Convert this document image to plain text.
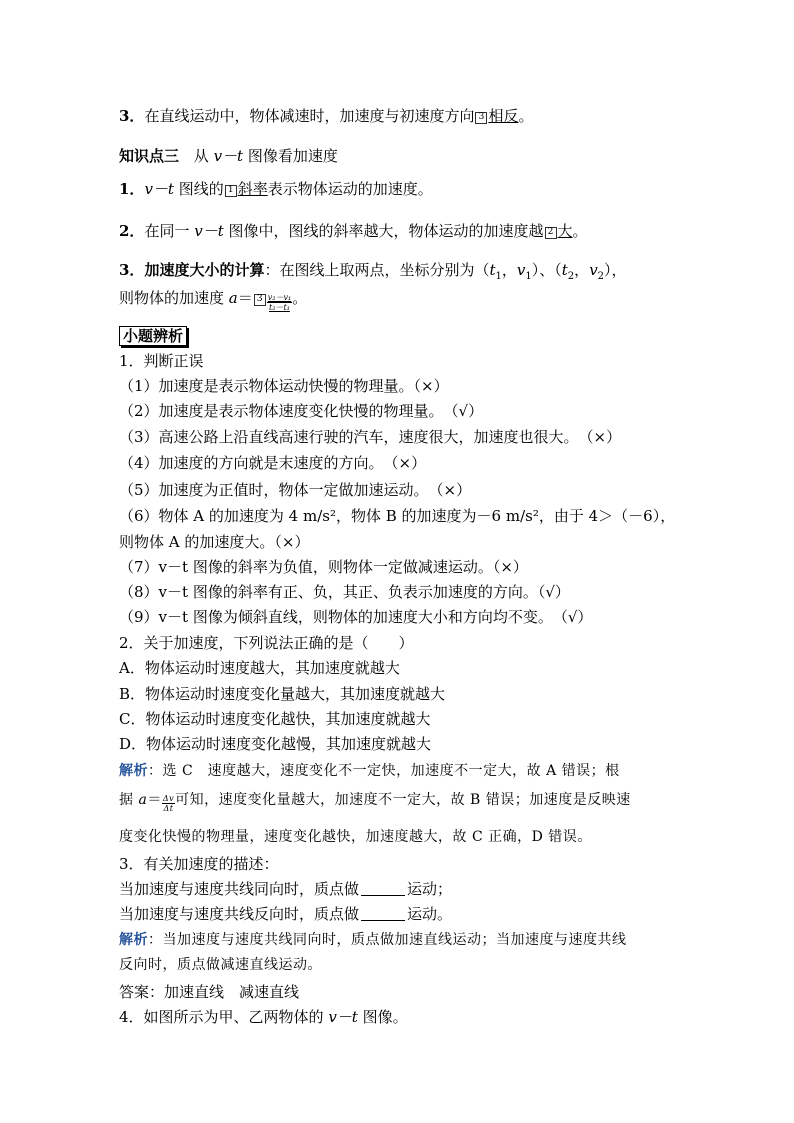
3．在直线运动中，物体减速时，加速度与初速度方向 3 相反。
知识点三 从 v－t 图像看加速度
1．v－t 图线的 1 斜率表示物体运动的加速度。
2．在同一 v－t 图像中，图线的斜率越大，物体运动的加速度越 2 大。
3．加速度大小的计算：在图线上取两点，坐标分别为（$t_1$，$v_1$）、（$t_2$，$v_2$），
则物体的加速度 $a= 3 \frac{\text{v₂－v₁}}{\text{t₂－t₁}}$ 。
小题辨析
1．判断正误
（1）加速度是表示物体运动快慢的物理量。（×）
（2）加速度是表示物体速度变化快慢的物理量。　（√）
（3）高速公路上沿直线高速行驶的汽车，速度很大，加速度也很大。　（×）
（4）加速度的方向就是末速度的方向。　（×）
（5）加速度为正值时，物体一定做加速运动。　（×）
（6）物体 A 的加速度为 4 m/s²，物体 B 的加速度为－6 m/s²，由于 4＞（－6），
则物体 A 的加速度大。（×）
（7）v－t 图像的斜率为负值，则物体一定做减速运动。（×）
（8）v－t 图像的斜率有正、负，其正、负表示加速度的方向。（√）
（9）v－t 图像为倾斜直线，则物体的加速度大小和方向均不变。　（√）
2．关于加速度，下列说法正确的是（　　）
A．物体运动时速度越大，其加速度就越大
B．物体运动时速度变化量越大，其加速度就越大
C．物体运动时速度变化越快，其加速度就越大
D．物体运动时速度变化越慢，其加速度就越大
解析：选 C　速度越大，速度变化不一定快，加速度不一定大，故 A 错误；根
据 $a= \frac{\Delta v}{\Delta t}$ 可知，速度变化量越大，加速度不一定大，故 B 错误；加速度是反映速
度变化快慢的物理量，速度变化越快，加速度越大，故 C 正确，D 错误。
3．有关加速度的描述：
当加速度与速度共线同向时，质点做	运动；
当加速度与速度共线反向时，质点做	运动。
解析：当加速度与速度共线同向时，质点做加速直线运动；当加速度与速度共线
反向时，质点做减速直线运动。
答案：加速直线　减速直线
4．如图所示为甲、乙两物体的 v－t 图像。
